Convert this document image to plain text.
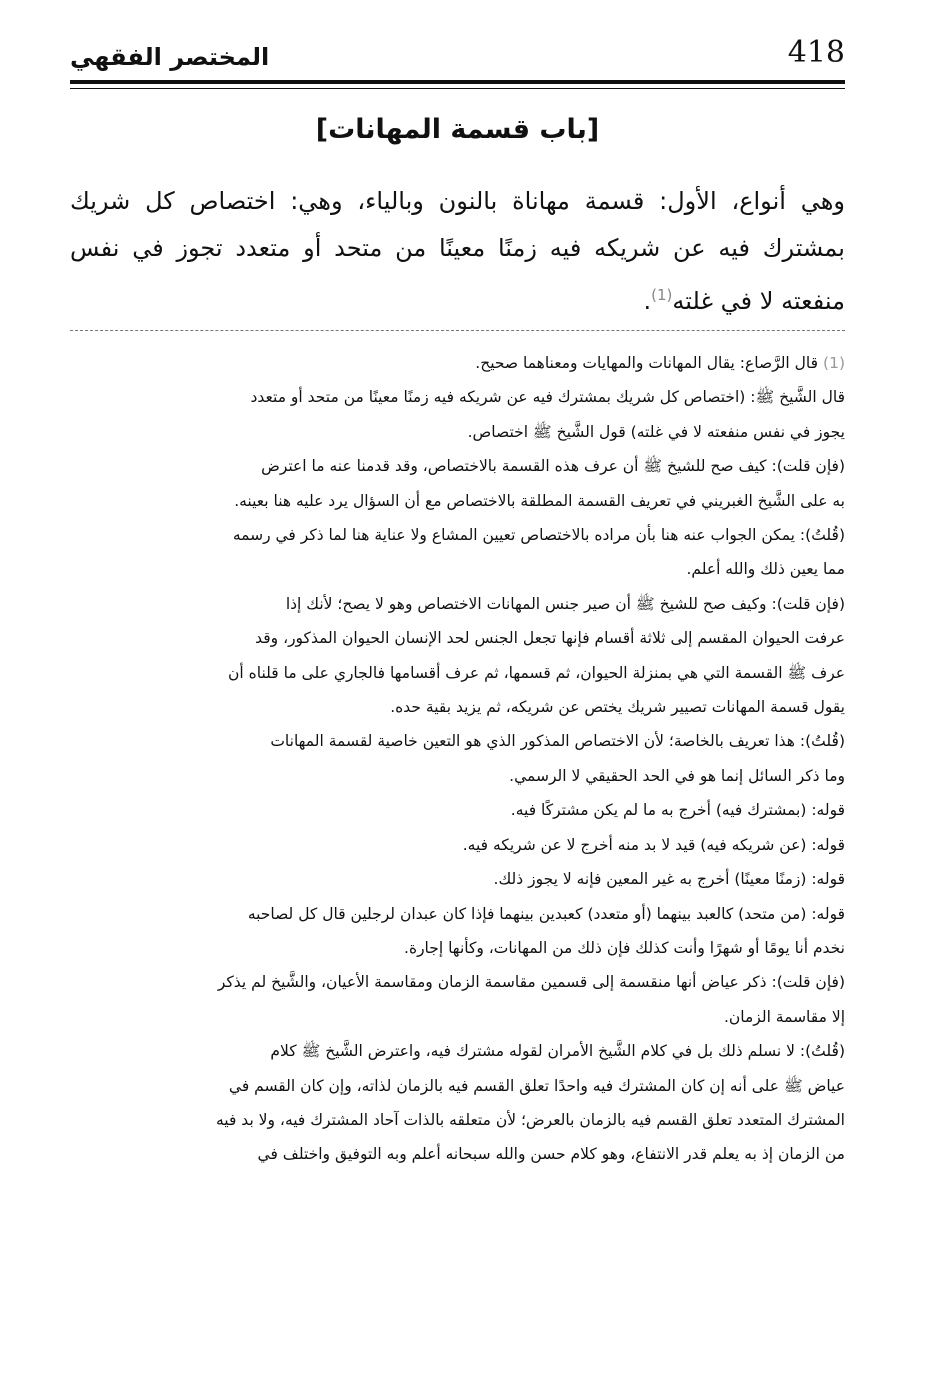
418
المختصر الفقهي
[باب قسمة المهانات]
وهي أنواع، الأول: قسمة مهاناة بالنون وبالياء، وهي: اختصاص كل شريك بمشترك فيه عن شريكه فيه زمنًا معينًا من متحد أو متعدد تجوز في نفس منفعته لا في غلته$^{(1)}$.
(1) قال الرَّصاع: يقال المهانات والمهايات ومعناهما صحيح.
قال الشَّيخ ﷺ: (اختصاص كل شريك بمشترك فيه عن شريكه فيه زمنًا معينًا من متحد أو متعدد
يجوز في نفس منفعته لا في غلته) قول الشَّيخ ﷺ اختصاص.
(فإن قلت): كيف صح للشيخ ﷺ أن عرف هذه القسمة بالاختصاص، وقد قدمنا عنه ما اعترض
به على الشَّيخ الغبريني في تعريف القسمة المطلقة بالاختصاص مع أن السؤال يرد عليه هنا بعينه.
(قُلتُ): يمكن الجواب عنه هنا بأن مراده بالاختصاص تعيين المشاع ولا عناية هنا لما ذكر في رسمه
مما يعين ذلك والله أعلم.
(فإن قلت): وكيف صح للشيخ ﷺ أن صير جنس المهانات الاختصاص وهو لا يصح؛ لأنك إذا
عرفت الحيوان المقسم إلى ثلاثة أقسام فإنها تجعل الجنس لحد الإنسان الحيوان المذكور، وقد
عرف ﷺ القسمة التي هي بمنزلة الحيوان، ثم قسمها، ثم عرف أقسامها فالجاري على ما قلناه أن
يقول قسمة المهانات تصيير شريك يختص عن شريكه، ثم يزيد بقية حده.
(قُلتُ): هذا تعريف بالخاصة؛ لأن الاختصاص المذكور الذي هو التعين خاصية لقسمة المهانات
وما ذكر السائل إنما هو في الحد الحقيقي لا الرسمي.
قوله: (بمشترك فيه) أخرج به ما لم يكن مشتركًا فيه.
قوله: (عن شريكه فيه) قيد لا بد منه أخرج لا عن شريكه فيه.
قوله: (زمنًا معينًا) أخرج به غير المعين فإنه لا يجوز ذلك.
قوله: (من متحد) كالعبد بينهما (أو متعدد) كعبدين بينهما فإذا كان عبدان لرجلين قال كل لصاحبه
نخدم أنا يومًا أو شهرًا وأنت كذلك فإن ذلك من المهانات، وكأنها إجارة.
(فإن قلت): ذكر عياض أنها منقسمة إلى قسمين مقاسمة الزمان ومقاسمة الأعيان، والشَّيخ لم يذكر
إلا مقاسمة الزمان.
(قُلتُ): لا نسلم ذلك بل في كلام الشَّيخ الأمران لقوله مشترك فيه، واعترض الشَّيخ ﷺ كلام
عياض ﷺ على أنه إن كان المشترك فيه واحدًا تعلق القسم فيه بالزمان لذاته، وإن كان القسم في
المشترك المتعدد تعلق القسم فيه بالزمان بالعرض؛ لأن متعلقه بالذات آحاد المشترك فيه، ولا بد فيه
من الزمان إذ به يعلم قدر الانتفاع، وهو كلام حسن والله سبحانه أعلم وبه التوفيق واختلف في
